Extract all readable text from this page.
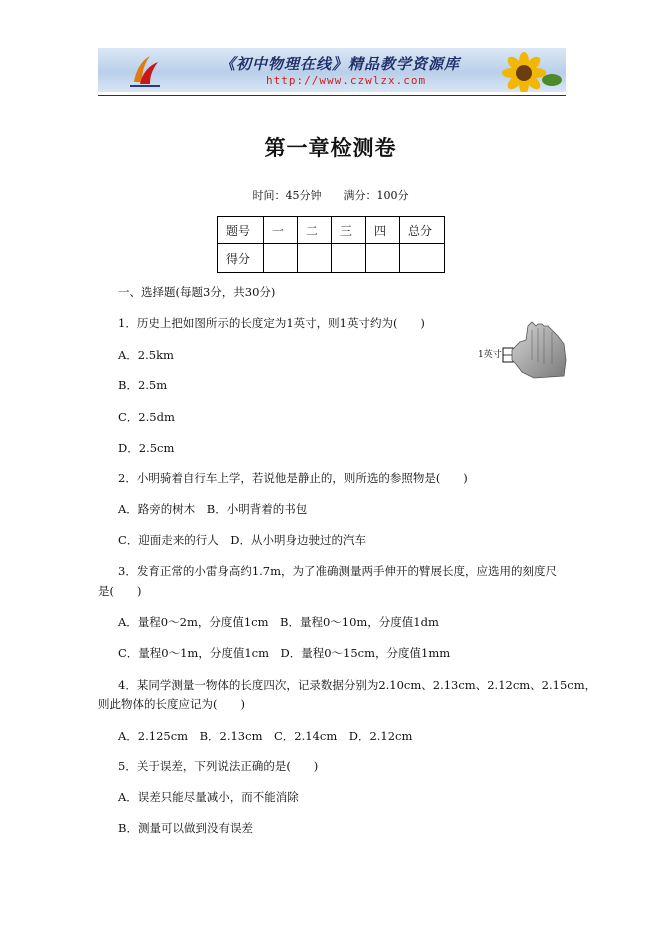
《初中物理在线》精品教学资源库
http://www.czwlzx.com
第一章检测卷
时间：45分钟 满分：100分
题号	一	二	三	四	总分
得分					
一、选择题(每题3分，共30分)
1．历史上把如图所示的长度定为1英寸，则1英寸约为(　　)
A．2.5km
B．2.5m
C．2.5dm
D．2.5cm
1英寸
2．小明骑着自行车上学，若说他是静止的，则所选的参照物是(　　)
A．路旁的树木　B．小明背着的书包
C．迎面走来的行人　D．从小明身边驶过的汽车
3．发育正常的小雷身高约1.7m，为了准确测量两手伸开的臂展长度，应选用的刻度尺
是(　　)
A．量程0～2m，分度值1cm　B．量程0～10m，分度值1dm
C．量程0～1m，分度值1cm　D．量程0～15cm，分度值1mm
4．某同学测量一物体的长度四次，记录数据分别为2.10cm、2.13cm、2.12cm、2.15cm，
则此物体的长度应记为(　　)
A．2.125cm　B．2.13cm　C．2.14cm　D．2.12cm
5．关于误差，下列说法正确的是(　　)
A．误差只能尽量减小，而不能消除
B．测量可以做到没有误差
